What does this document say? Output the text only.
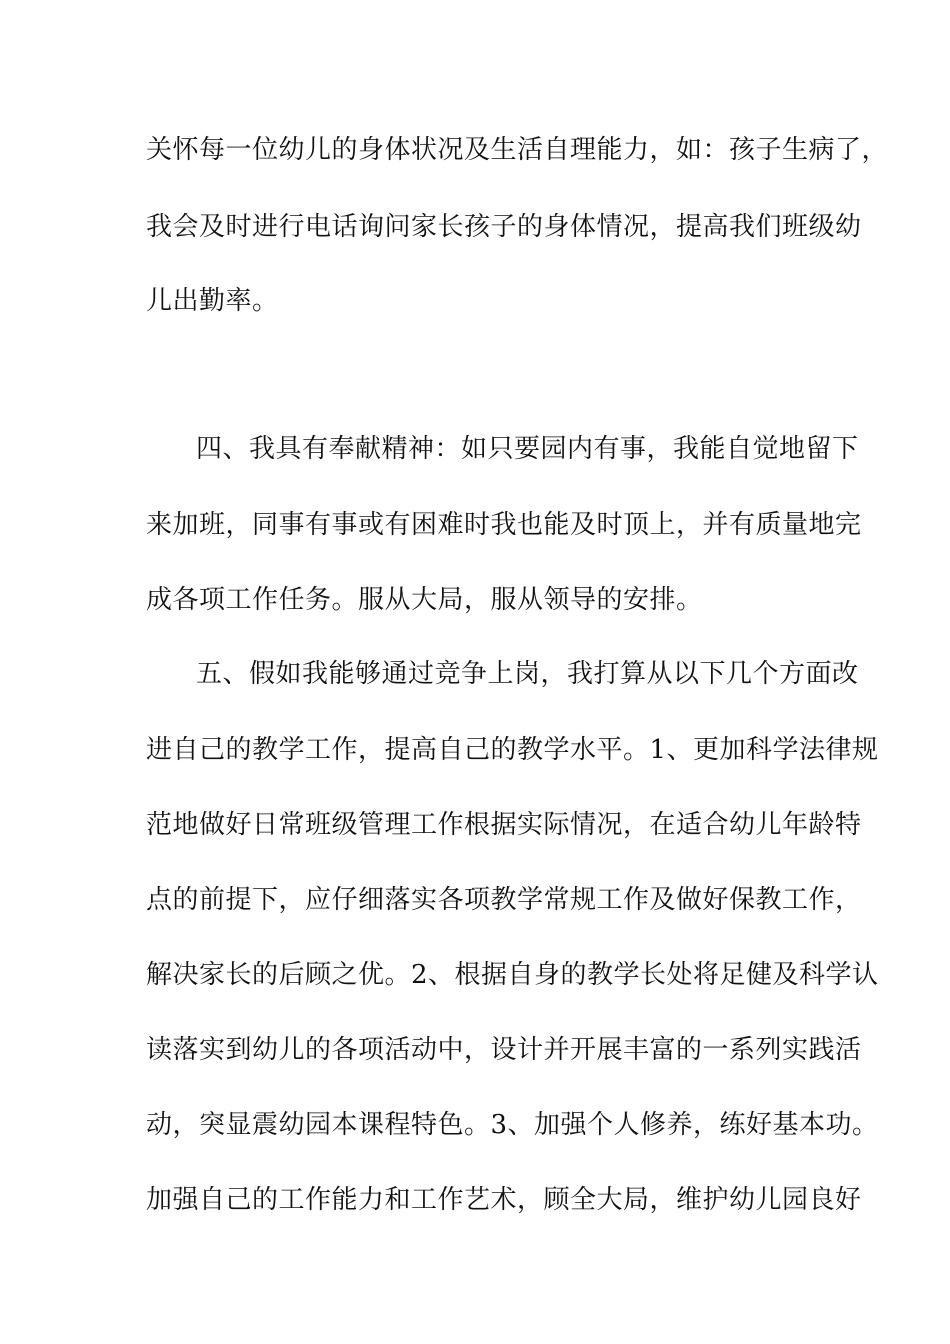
关怀每一位幼儿的身体状况及生活自理能力，如：孩子生病了，
我会及时进行电话询问家长孩子的身体情况，提高我们班级幼
儿出勤率。
四、我具有奉献精神：如只要园内有事，我能自觉地留下
来加班，同事有事或有困难时我也能及时顶上，并有质量地完
成各项工作任务。服从大局，服从领导的安排。
五、假如我能够通过竞争上岗，我打算从以下几个方面改
进自己的教学工作，提高自己的教学水平。1、更加科学法律规
范地做好日常班级管理工作根据实际情况，在适合幼儿年龄特
点的前提下，应仔细落实各项教学常规工作及做好保教工作，
解决家长的后顾之优。2、根据自身的教学长处将足健及科学认
读落实到幼儿的各项活动中，设计并开展丰富的一系列实践活
动，突显震幼园本课程特色。3、加强个人修养，练好基本功。
加强自己的工作能力和工作艺术，顾全大局，维护幼儿园良好
